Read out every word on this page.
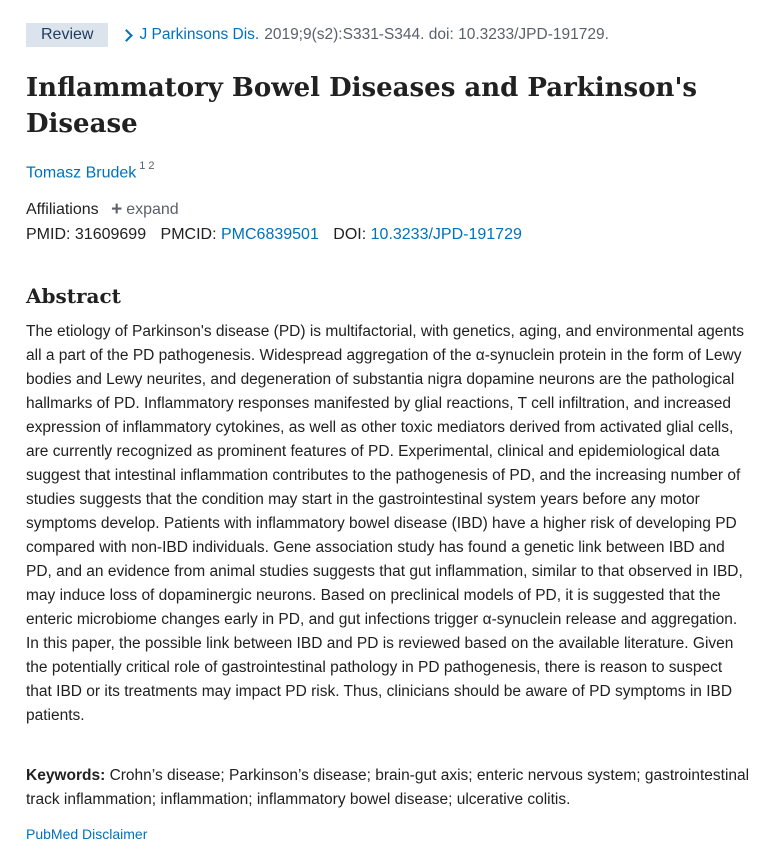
Review	J Parkinsons Dis. 2019;9(s2):S331-S344. doi: 10.3233/JPD-191729.
Inflammatory Bowel Diseases and Parkinson's Disease
Tomasz Brudek $^1$ $^2$
Affiliations + expand
PMID: 31609699 PMCID: PMC6839501 DOI: 10.3233/JPD-191729
Abstract

The etiology of Parkinson's disease (PD) is multifactorial, with genetics, aging, and environmental agents all a part of the PD pathogenesis. Widespread aggregation of the α-synuclein protein in the form of Lewy bodies and Lewy neurites, and degeneration of substantia nigra dopamine neurons are the pathological hallmarks of PD. Inflammatory responses manifested by glial reactions, T cell infiltration, and increased expression of inflammatory cytokines, as well as other toxic mediators derived from activated glial cells, are currently recognized as prominent features of PD. Experimental, clinical and epidemiological data suggest that intestinal inflammation contributes to the pathogenesis of PD, and the increasing number of studies suggests that the condition may start in the gastrointestinal system years before any motor symptoms develop. Patients with inflammatory bowel disease (IBD) have a higher risk of developing PD compared with non-IBD individuals. Gene association study has found a genetic link between IBD and PD, and an evidence from animal studies suggests that gut inflammation, similar to that observed in IBD, may induce loss of dopaminergic neurons. Based on preclinical models of PD, it is suggested that the enteric microbiome changes early in PD, and gut infections trigger α-synuclein release and aggregation. In this paper, the possible link between IBD and PD is reviewed based on the available literature. Given the potentially critical role of gastrointestinal pathology in PD pathogenesis, there is reason to suspect that IBD or its treatments may impact PD risk. Thus, clinicians should be aware of PD symptoms in IBD patients.

Keywords: Crohn’s disease; Parkinson’s disease; brain-gut axis; enteric nervous system; gastrointestinal track inflammation; inflammation; inflammatory bowel disease; ulcerative colitis.

PubMed Disclaimer
